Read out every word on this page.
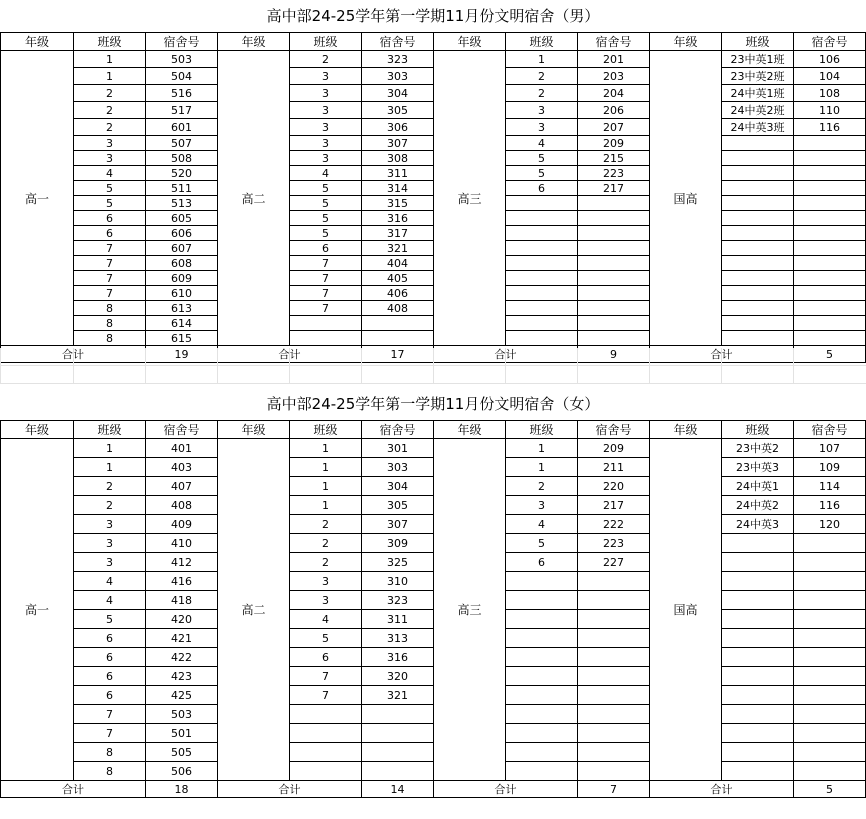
高中部24-25学年第一学期11月份文明宿舍（男）
年级	班级	宿舍号	年级	班级	宿舍号	年级	班级	宿舍号	年级	班级	宿舍号
高一	1	503	高二	2	323	高三	1	201	国高	23中英1班	106
	1	504		3	303		2	203		23中英2班	104
	2	516		3	304		2	204		24中英1班	108
	2	517		3	305		3	206		24中英2班	110
	2	601		3	306		3	207		24中英3班	116
	3	507		3	307		4	209			
	3	508		3	308		5	215			
	4	520		4	311		5	223			
	5	511		5	314		6	217			
	5	513		5	315						
	6	605		5	316						
	6	606		5	317						
	7	607		6	321						
	7	608		7	404						
	7	609		7	405						
	7	610		7	406						
	8	613		7	408						
	8	614									
	8	615									
合计		19	合计		17	合计		9	合计		5

高中部24-25学年第一学期11月份文明宿舍（女）
年级	班级	宿舍号	年级	班级	宿舍号	年级	班级	宿舍号	年级	班级	宿舍号
高一	1	401	高二	1	301	高三	1	209	国高	23中英2	107
	1	403		1	303		1	211		23中英3	109
	2	407		1	304		2	220		24中英1	114
	2	408		1	305		3	217		24中英2	116
	3	409		2	307		4	222		24中英3	120
	3	410		2	309		5	223			
	3	412		2	325		6	227			
	4	416		3	310						
	4	418		3	323						
	5	420		4	311						
	6	421		5	313						
	6	422		6	316						
	6	423		7	320						
	6	425		7	321						
	7	503									
	7	501									
	8	505									
	8	506									
合计		18	合计		14	合计		7	合计		5
